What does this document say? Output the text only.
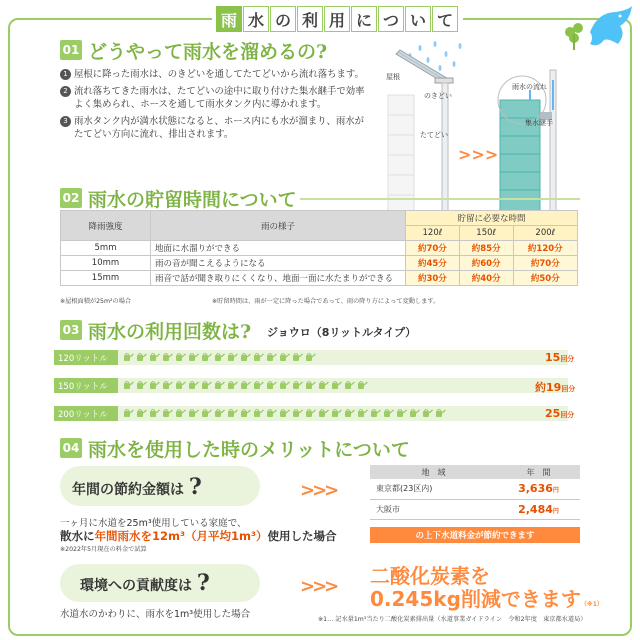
雨 水 の 利 用 に つ い て
01 どうやって雨水を溜めるの?
1 屋根に降った雨水は、のきどいを通してたてどいから流れ落ちます。
2 流れ落ちてきた雨水は、たてどいの途中に取り付けた集水継手で効率よく集められ、ホースを通して雨水タンク内に導かれます。
3 雨水タンク内が満水状態になると、ホース内にも水が溜まり、雨水がたてどい方向に流れ、排出されます。
>>>
屋根
のきどい
たてどい
雨水の流れ
集水継手
02 雨水の貯留時間について
降雨強度	雨の様子	貯留に必要な時間		
		120ℓ	150ℓ	200ℓ
5mm	地面に水溜りができる	約70分	約85分	約120分
10mm	雨の音が聞こえるようになる	約45分	約60分	約70分
15mm	雨音で話が聞き取りにくくなり、地面一面に水たまりができる	約30分	約40分	約50分
※屋根面積が25m²の場合	※貯留時間は、雨が一定に降った場合であって、雨の降り方によって変動します。
03 雨水の利用回数は? ジョウロ（8リットルタイプ）
120リットル	15回分
150リットル	約19回分
200リットル	25回分
04 雨水を使用した時のメリットについて
年間の節約金額は ?	>>>
一ヶ月に水道を25m³使用している家庭で、
散水に年間雨水を12m³（月平均1m³）使用した場合
※2022年5月現在の料金で試算
地　域	年　間
東京都(23区内)	3,636円
大阪市	2,484円
の上下水道料金が節約できます
環境への貢献度は ?	>>> 二酸化炭素を
0.245kg削減できます（※1）
水道水のかわりに、雨水を1m³使用した場合	※1… 記水量1m³当たり二酸化炭素排出量（水道事業ガイドライン　令和2年度　東京都水道局）
